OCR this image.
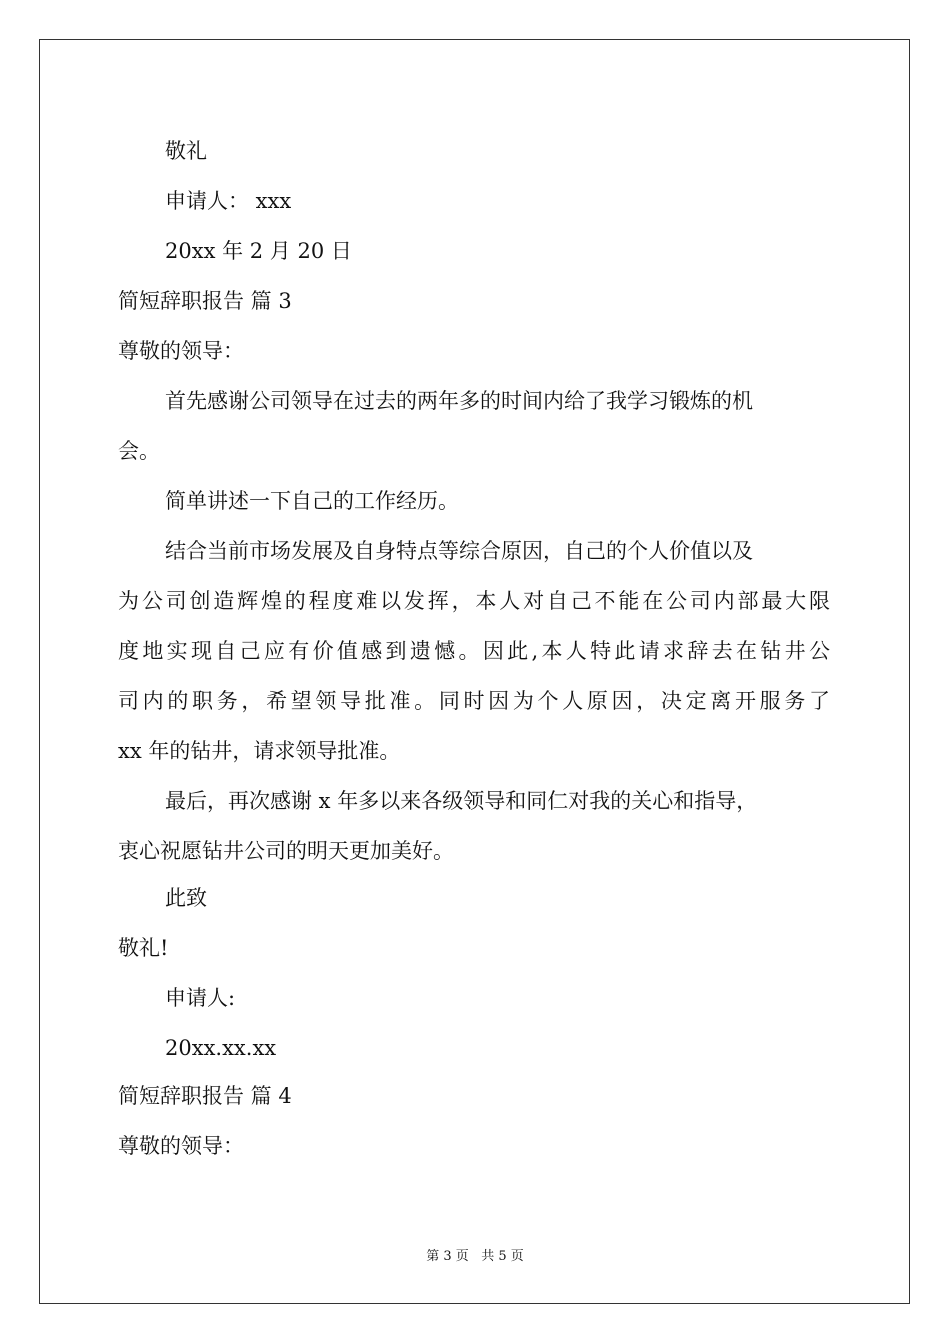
敬礼
申请人： xxx
20xx 年 2 月 20 日
简短辞职报告 篇 3
尊敬的领导：
首先感谢公司领导在过去的两年多的时间内给了我学习锻炼的机
会。
简单讲述一下自己的工作经历。
结合当前市场发展及自身特点等综合原因，自己的个人价值以及
为公司创造辉煌的程度难以发挥，本人对自己不能在公司内部最大限
度地实现自己应有价值感到遗憾。因此,本人特此请求辞去在钻井公
司内的职务，希望领导批准。同时因为个人原因，决定离开服务了
xx 年的钻井，请求领导批准。
最后，再次感谢 x 年多以来各级领导和同仁对我的关心和指导，
衷心祝愿钻井公司的明天更加美好。
此致
敬礼!
申请人:
20xx.xx.xx
简短辞职报告 篇 4
尊敬的领导：
第 3 页   共 5 页
